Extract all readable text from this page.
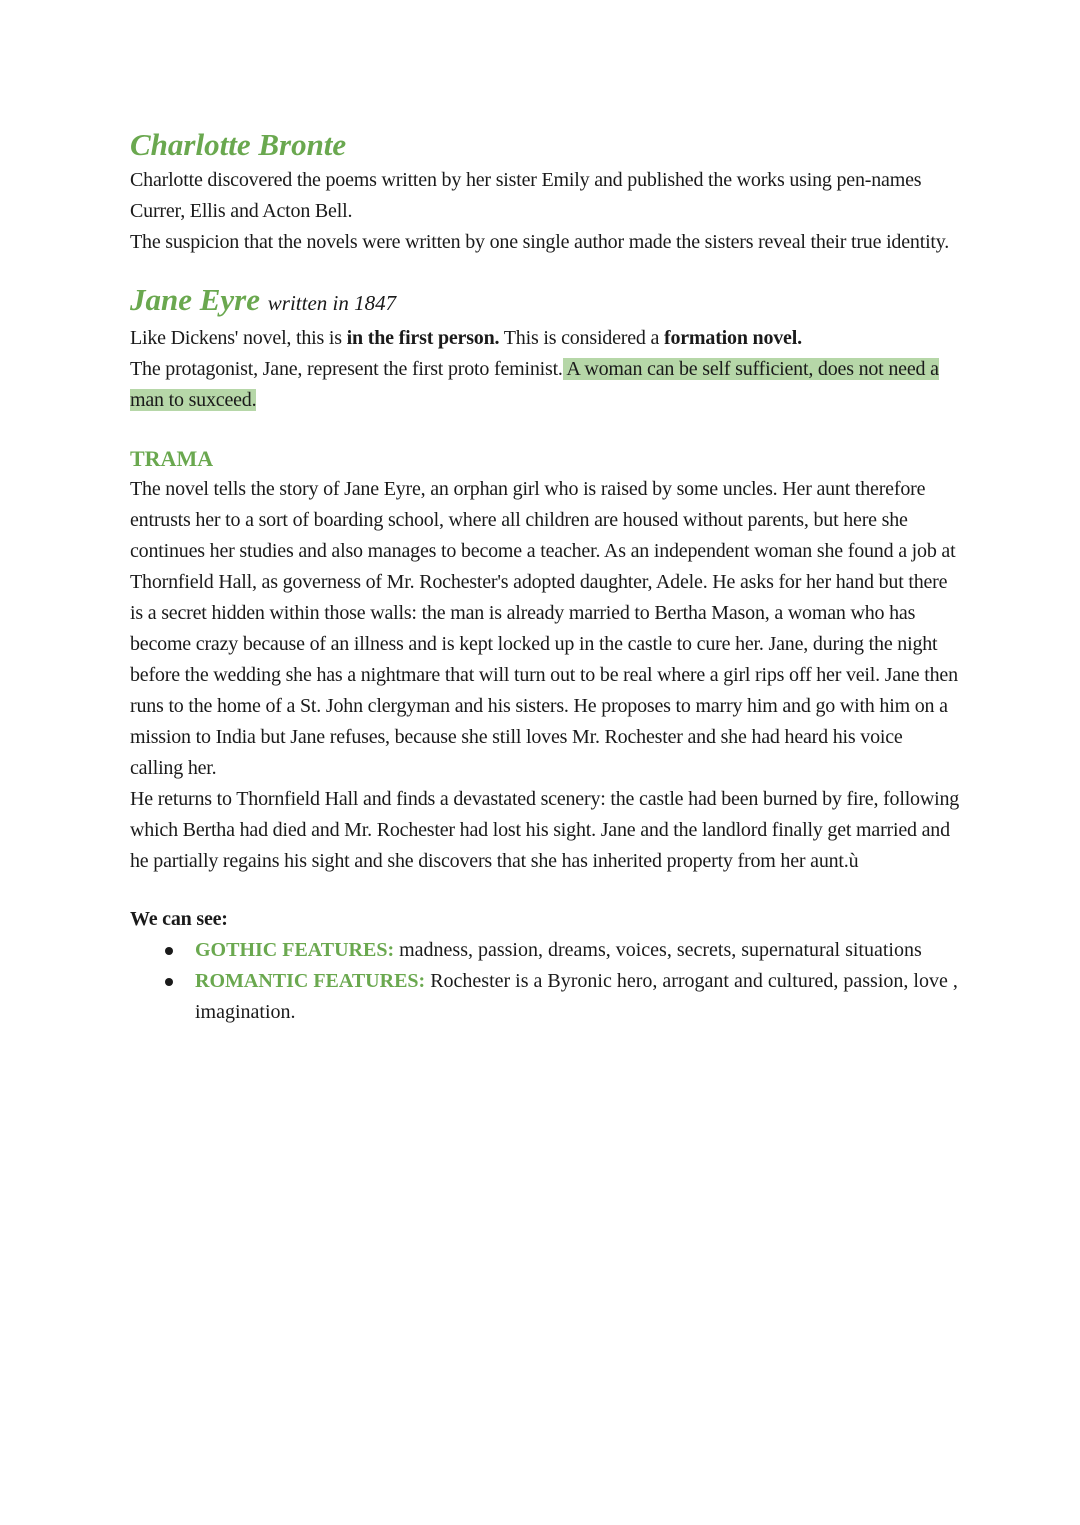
Charlotte Bronte

Charlotte discovered the poems written by her sister Emily and published the works using pen-names Currer, Ellis and Acton Bell.

The suspicion that the novels were written by one single author made the sisters reveal their true identity.

Jane Eyre written in 1847

Like Dickens' novel, this is in the first person. This is considered a formation novel.

The protagonist, Jane, represent the first proto feminist. A woman can be self sufficient, does not need a man to suxceed.

TRAMA

The novel tells the story of Jane Eyre, an orphan girl who is raised by some uncles. Her aunt therefore entrusts her to a sort of boarding school, where all children are housed without parents, but here she continues her studies and also manages to become a teacher. As an independent woman she found a job at Thornfield Hall, as governess of Mr. Rochester's adopted daughter, Adele. He asks for her hand but there is a secret hidden within those walls: the man is already married to Bertha Mason, a woman who has become crazy because of an illness and is kept locked up in the castle to cure her. Jane, during the night before the wedding she has a nightmare that will turn out to be real where a girl rips off her veil. Jane then runs to the home of a St. John clergyman and his sisters. He proposes to marry him and go with him on a mission to India but Jane refuses, because she still loves Mr. Rochester and she had heard his voice calling her.

He returns to Thornfield Hall and finds a devastated scenery: the castle had been burned by fire, following which Bertha had died and Mr. Rochester had lost his sight. Jane and the landlord finally get married and he partially regains his sight and she discovers that she has inherited property from her aunt.ù

We can see:

GOTHIC FEATURES: madness, passion, dreams, voices, secrets, supernatural situations
ROMANTIC FEATURES: Rochester is a Byronic hero, arrogant and cultured, passion, love , imagination.
